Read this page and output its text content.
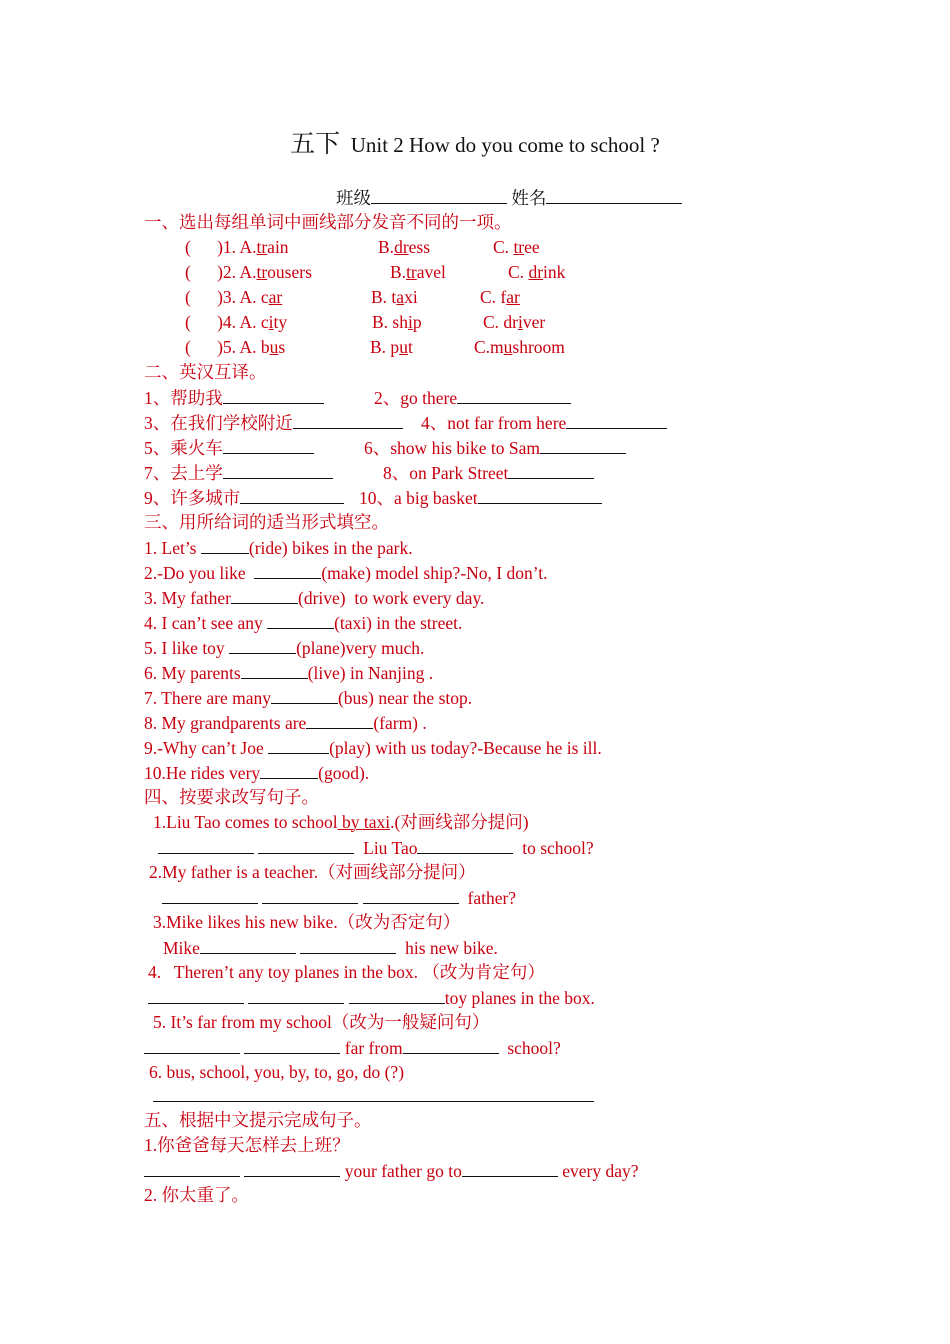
五下 Unit 2 How do you come to school ?
班级	姓名
一、选出每组单词中画线部分发音不同的一项。
(      )1. A.train	B.dress	C. tree
(      )2. A.trousers	B.travel	C. drink
(      )3. A. car	B. taxi	C. far
(      )4. A. city	B. ship	C. driver
(      )5. A. bus	B. put	C.mushroom
二、英汉互译。
1、帮助我	2、go there
3、在我们学校附近	4、not far from here
5、乘火车	6、show his bike to Sam
7、去上学	8、on Park Street
9、许多城市	10、a big basket
三、用所给词的适当形式填空。
1. Let’s	(ride) bikes in the park.
2.-Do you like	(make) model ship?-No, I don’t.
3. My father	(drive)  to work every day.
4. I can’t see any	(taxi) in the street.
5. I like toy	(plane)very much.
6. My parents	(live) in Nanjing .
7. There are many	(bus) near the stop.
8. My grandparents are	(farm) .
9.-Why can’t Joe	(play) with us today?-Because he is ill.
10.He rides very	(good).
四、按要求改写句子。
1.Liu Tao comes to school by taxi.(对画线部分提问)
Liu Tao	to school?
2.My father is a teacher.（对画线部分提问）
father?
3.Mike likes his new bike.（改为否定句）
Mike	his new bike.
4.   Theren’t any toy planes in the box. （改为肯定句）
toy planes in the box.
5. It’s far from my school（改为一般疑问句）
far from	school?
6. bus, school, you, by, to, go, do (?)
五、根据中文提示完成句子。
1.你爸爸每天怎样去上班？
your father go to	every day?
2. 你太重了。
